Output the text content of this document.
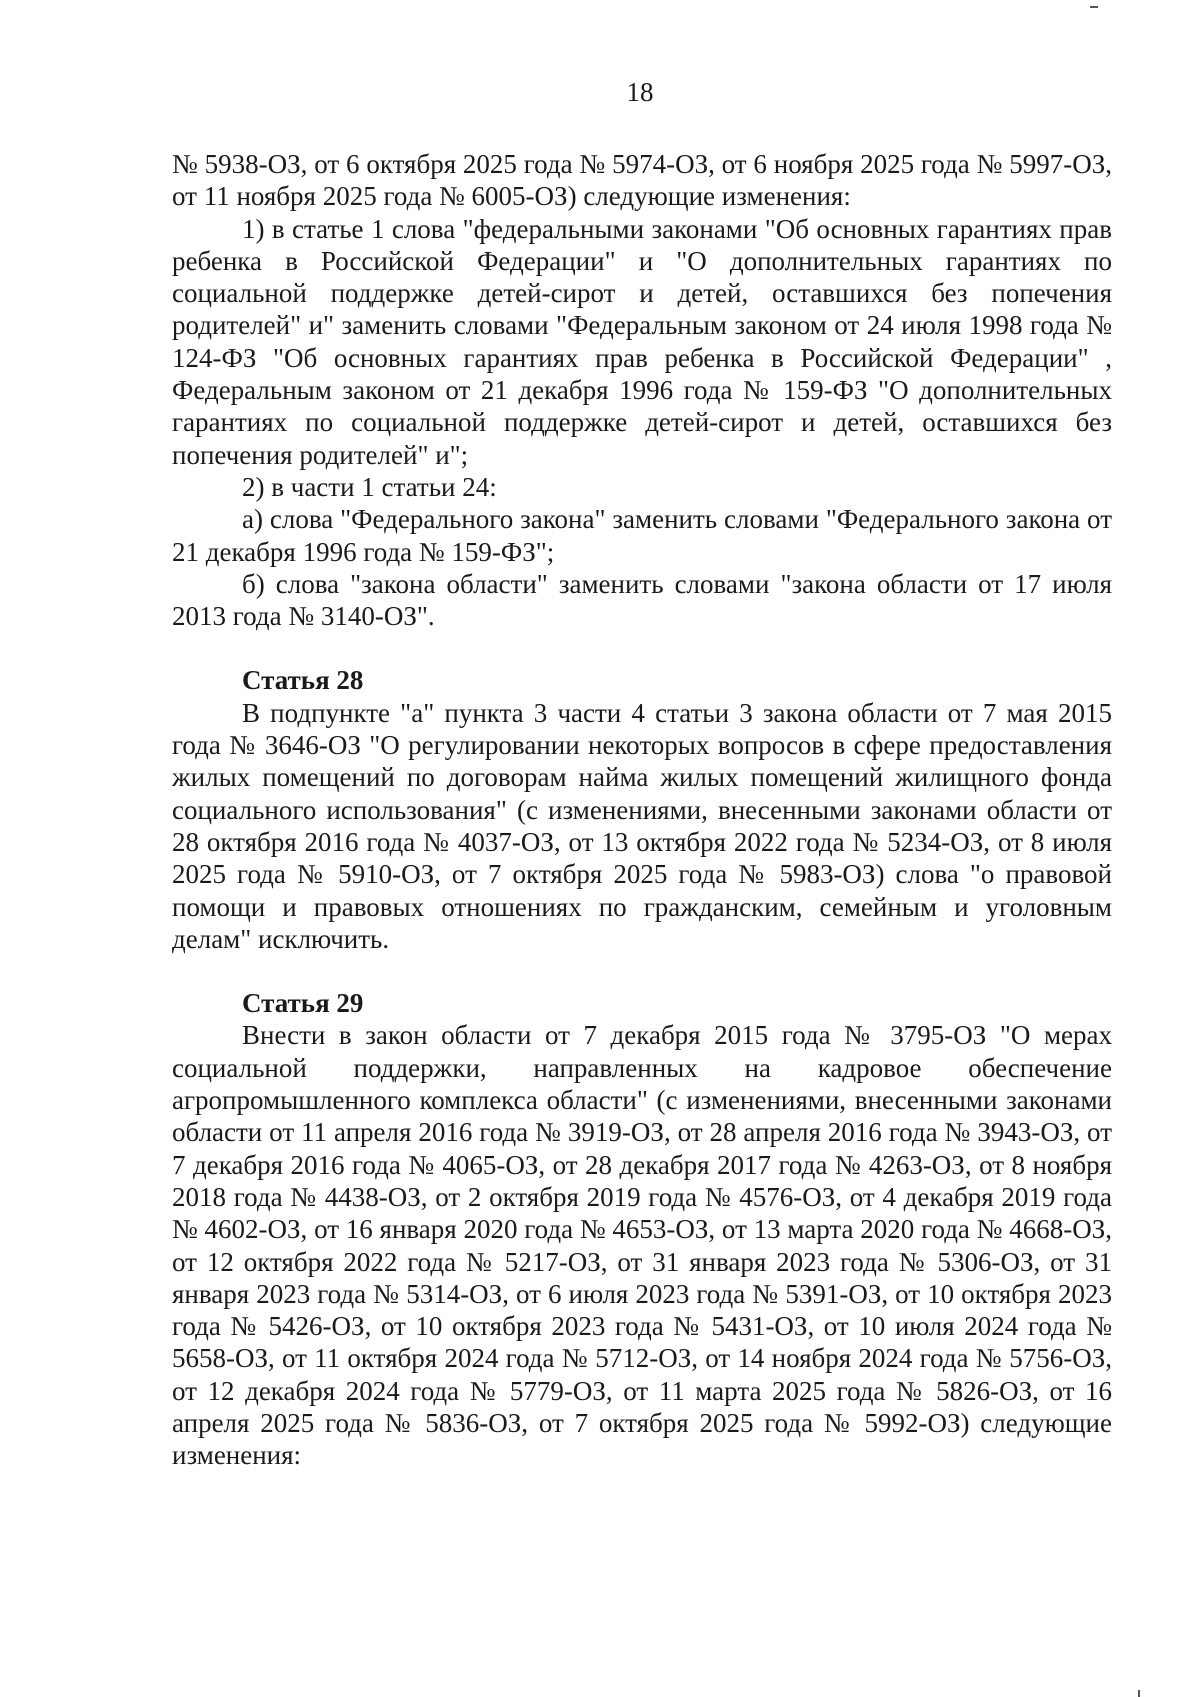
18

№ 5938-ОЗ, от 6 октября 2025 года № 5974-ОЗ, от 6 ноября 2025 года № 5997-ОЗ, от 11 ноября 2025 года № 6005-ОЗ) следующие изменения:

1) в статье 1 слова "федеральными законами "Об основных гарантиях прав ребенка в Российской Федерации" и "О дополнительных гарантиях по социальной поддержке детей-сирот и детей, оставшихся без попечения родителей" и" заменить словами "Федеральным законом от 24 июля 1998 года № 124-ФЗ "Об основных гарантиях прав ребенка в Российской Федерации" , Федеральным законом от 21 декабря 1996 года № 159-ФЗ "О дополнительных гарантиях по социальной поддержке детей-сирот и детей, оставшихся без попечения родителей" и";

2) в части 1 статьи 24:

а) слова "Федерального закона" заменить словами "Федерального закона от 21 декабря 1996 года № 159-ФЗ";

б) слова "закона области" заменить словами "закона области от 17 июля 2013 года № 3140-ОЗ".

Статья 28

В подпункте "а" пункта 3 части 4 статьи 3 закона области от 7 мая 2015 года № 3646-ОЗ "О регулировании некоторых вопросов в сфере предоставления жилых помещений по договорам найма жилых помещений жилищного фонда социального использования" (с изменениями, внесенными законами области от 28 октября 2016 года № 4037-ОЗ, от 13 октября 2022 года № 5234-ОЗ, от 8 июля 2025 года № 5910-ОЗ, от 7 октября 2025 года № 5983-ОЗ) слова "о правовой помощи и правовых отношениях по гражданским, семейным и уголовным делам" исключить.

Статья 29

Внести в закон области от 7 декабря 2015 года № 3795-ОЗ "О мерах социальной поддержки, направленных на кадровое обеспечение агропромышленного комплекса области" (с изменениями, внесенными законами области от 11 апреля 2016 года № 3919-ОЗ, от 28 апреля 2016 года № 3943-ОЗ, от 7 декабря 2016 года № 4065-ОЗ, от 28 декабря 2017 года № 4263-ОЗ, от 8 ноября 2018 года № 4438-ОЗ, от 2 октября 2019 года № 4576-ОЗ, от 4 декабря 2019 года № 4602-ОЗ, от 16 января 2020 года № 4653-ОЗ, от 13 марта 2020 года № 4668-ОЗ, от 12 октября 2022 года № 5217-ОЗ, от 31 января 2023 года № 5306-ОЗ, от 31 января 2023 года № 5314-ОЗ, от 6 июля 2023 года № 5391-ОЗ, от 10 октября 2023 года № 5426-ОЗ, от 10 октября 2023 года № 5431-ОЗ, от 10 июля 2024 года № 5658-ОЗ, от 11 октября 2024 года № 5712-ОЗ, от 14 ноября 2024 года № 5756-ОЗ, от 12 декабря 2024 года № 5779-ОЗ, от 11 марта 2025 года № 5826-ОЗ, от 16 апреля 2025 года № 5836-ОЗ, от 7 октября 2025 года № 5992-ОЗ) следующие изменения:
